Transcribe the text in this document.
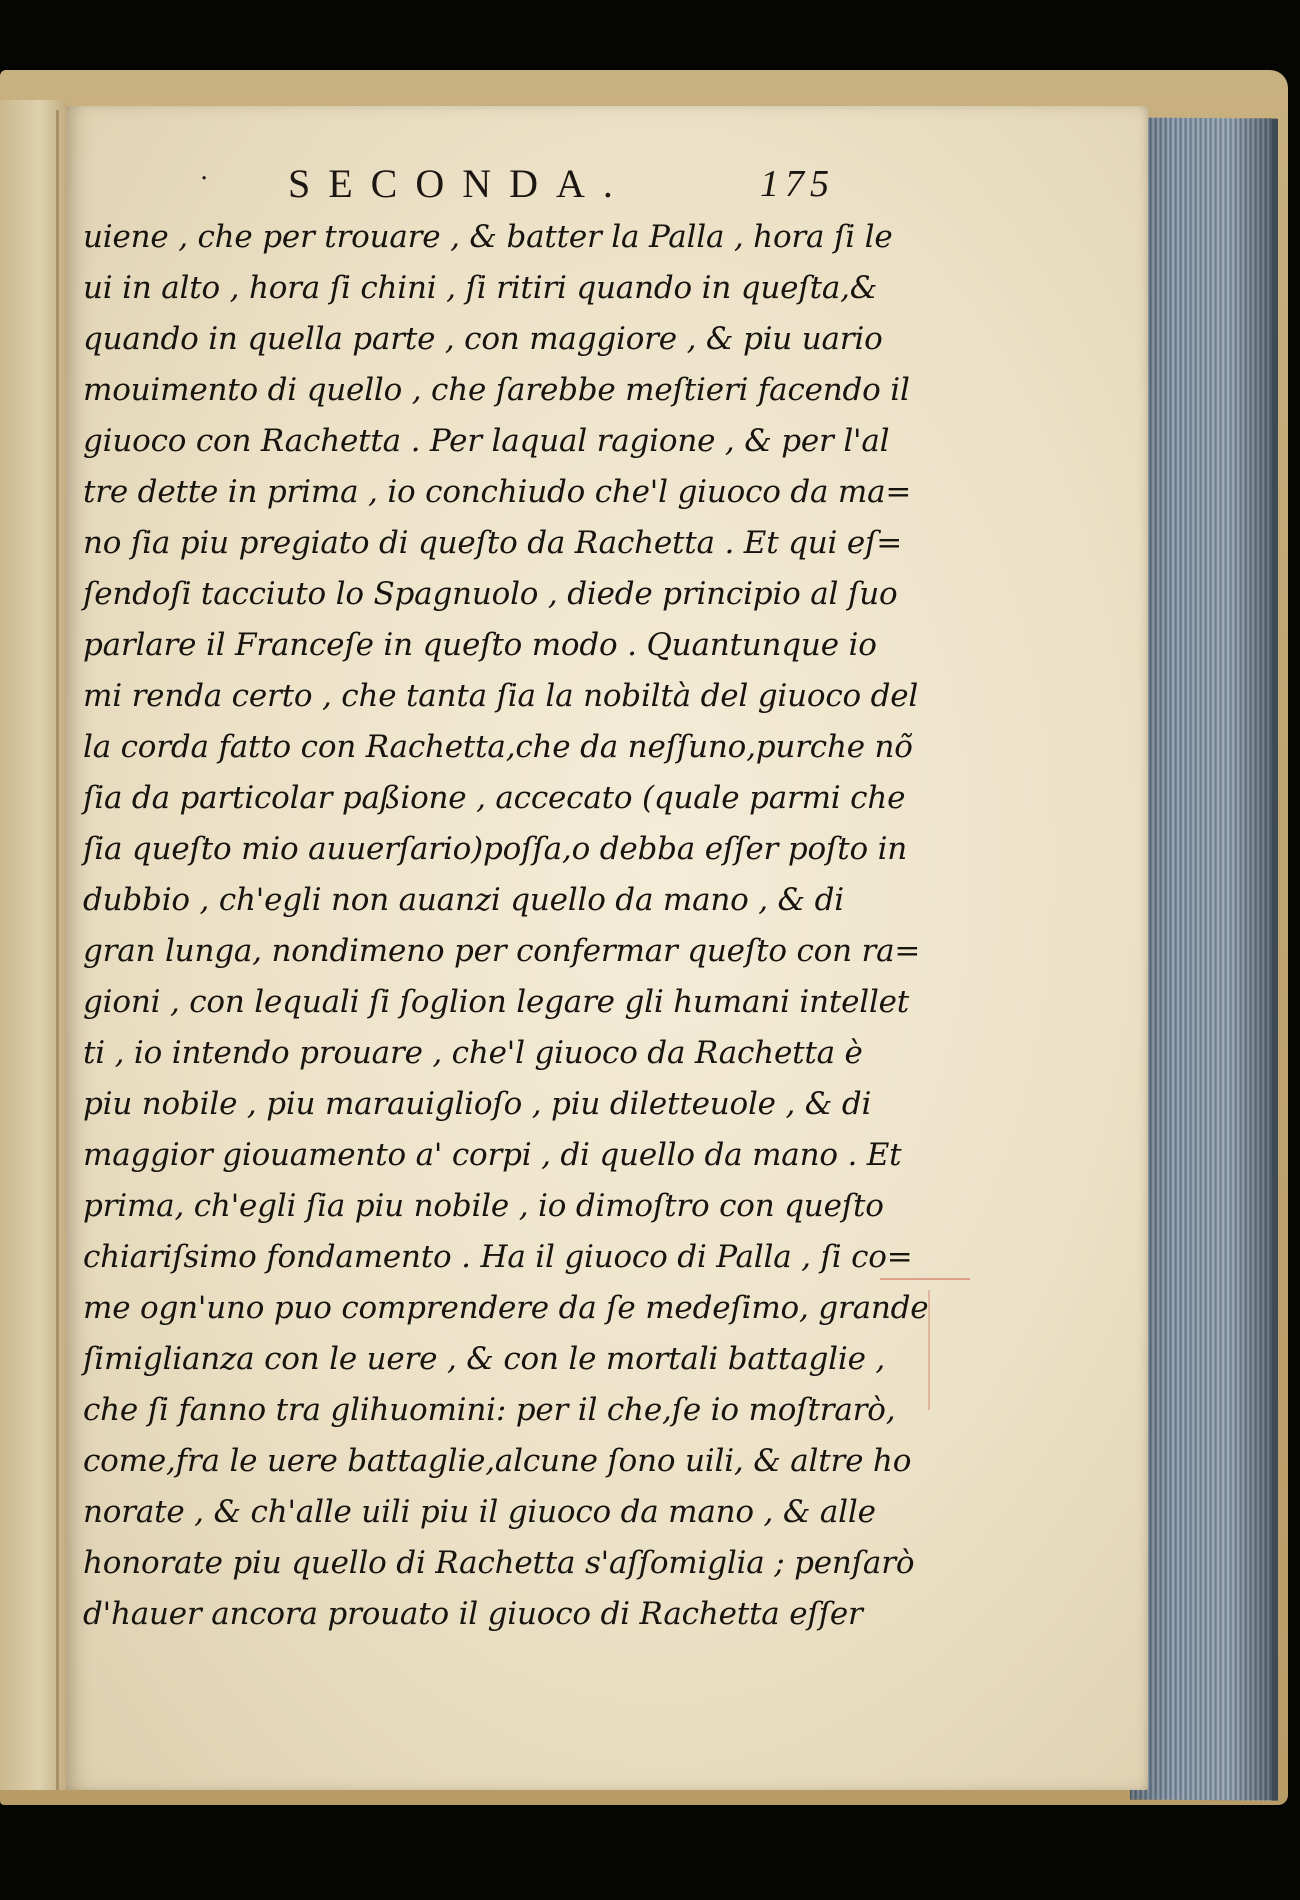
· SECONDA.	175
uiene , che per trouare , & batter la Palla , hora ſi le
ui in alto , hora ſi chini , ſi ritiri quando in queſta,&
quando in quella parte , con maggiore , & piu uario
mouimento di quello , che ſarebbe meſtieri facendo il
giuoco con Rachetta . Per laqual ragione , & per l'al
tre dette in prima , io conchiudo che'l giuoco da ma=
no ſia piu pregiato di queſto da Rachetta . Et qui eſ=
ſendoſi tacciuto lo Spagnuolo , diede principio al ſuo
parlare il Franceſe in queſto modo . Quantunque io
mi renda certo , che tanta ſia la nobiltà del giuoco del
la corda fatto con Rachetta,che da neſſuno,purche nõ
ſia da particolar paßione , accecato (quale parmi che
ſia queſto mio auuerſario)poſſa,o debba eſſer poſto in
dubbio , ch'egli non auanzi quello da mano , & di
gran lunga, nondimeno per confermar queſto con ra=
gioni , con lequali ſi ſoglion legare gli humani intellet
ti , io intendo prouare , che'l giuoco da Rachetta è
piu nobile , piu marauiglioſo , piu diletteuole , & di
maggior giouamento a' corpi , di quello da mano . Et
prima, ch'egli ſia piu nobile , io dimoſtro con queſto
chiariſsimo fondamento . Ha il giuoco di Palla , ſi co=
me ogn'uno puo comprendere da ſe medeſimo, grande
ſimiglianza con le uere , & con le mortali battaglie ,
che ſi fanno tra glihuomini: per il che,ſe io moſtrarò,
come,fra le uere battaglie,alcune ſono uili, & altre ho
norate , & ch'alle uili piu il giuoco da mano , & alle
honorate piu quello di Rachetta s'aſſomiglia ; penſarò
d'hauer ancora prouato il giuoco di Rachetta eſſer
